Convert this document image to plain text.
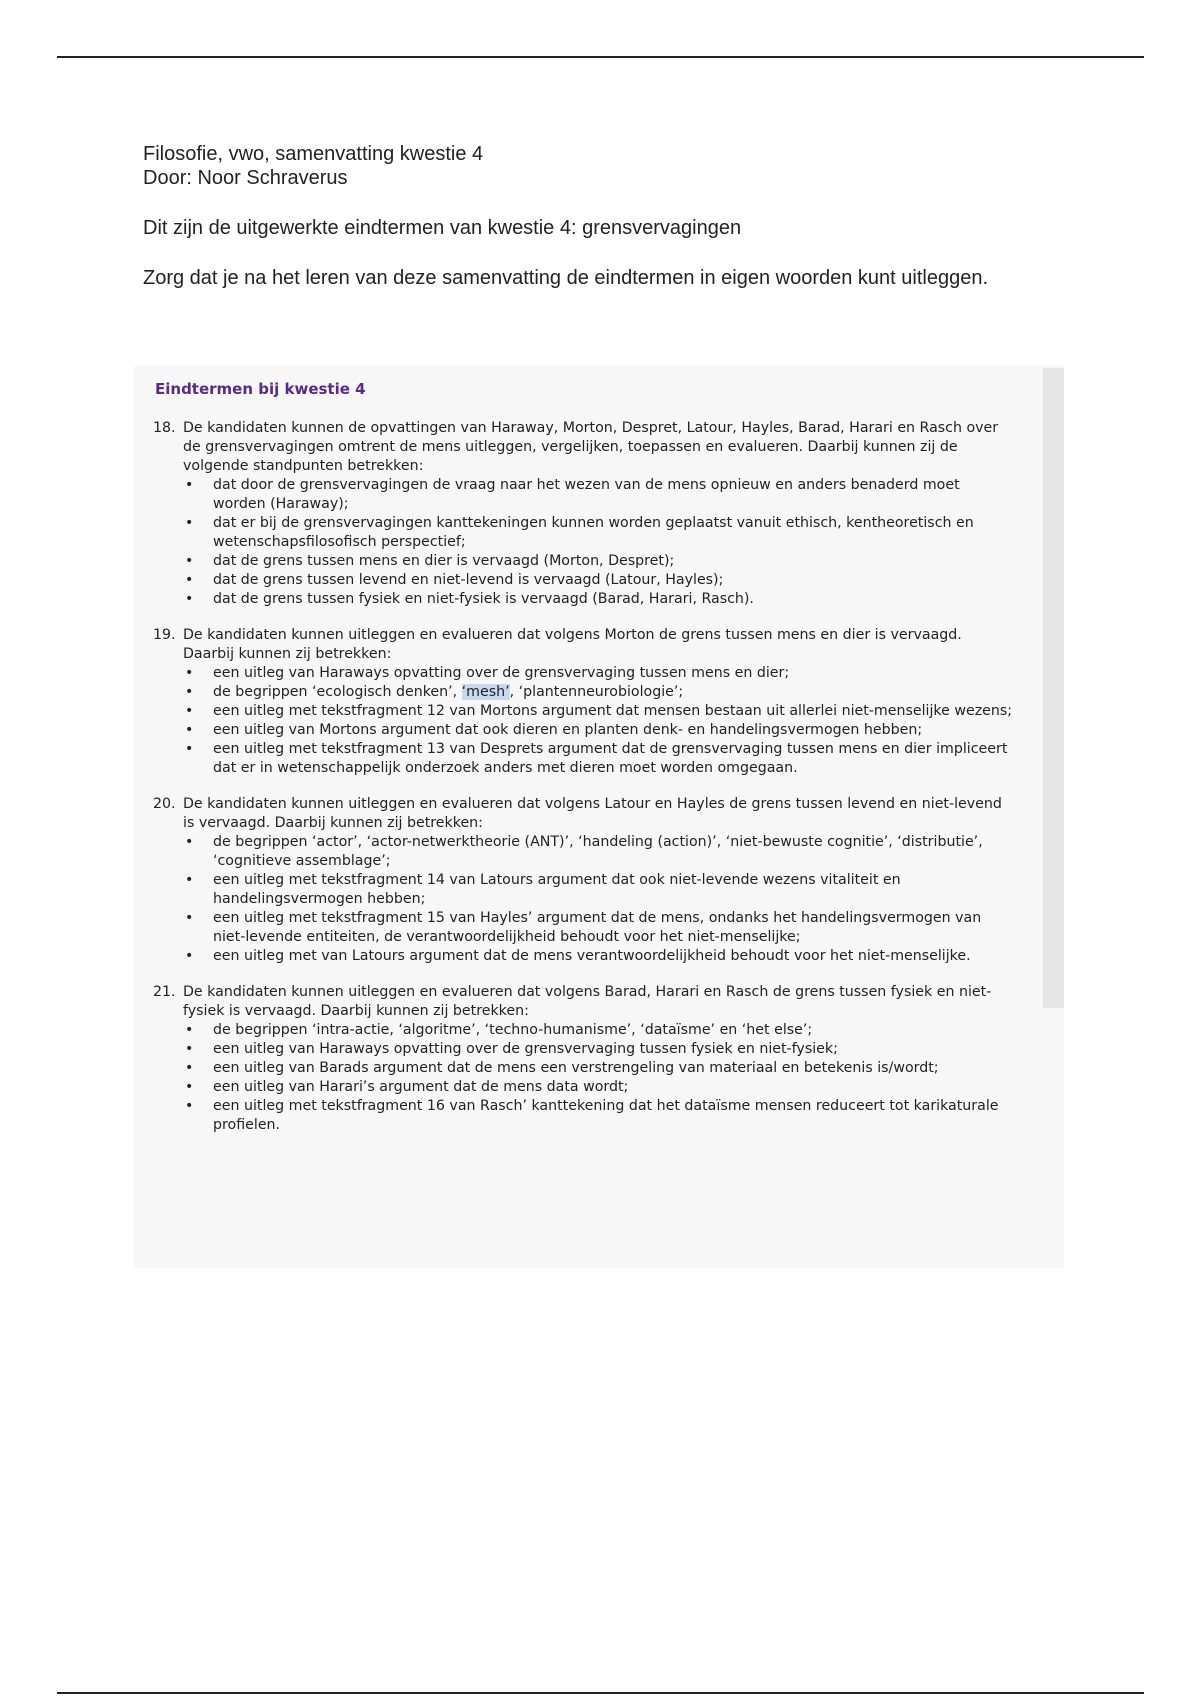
Filosofie, vwo, samenvatting kwestie 4

Door: Noor Schraverus

Dit zijn de uitgewerkte eindtermen van kwestie 4: grensvervagingen

Zorg dat je na het leren van deze samenvatting de eindtermen in eigen woorden kunt uitleggen.

Eindtermen bij kwestie 4
18. De kandidaten kunnen de opvattingen van Haraway, Morton, Despret, Latour, Hayles, Barad, Harari en Rasch over de grensvervagingen omtrent de mens uitleggen, vergelijken, toepassen en evalueren. Daarbij kunnen zij de volgende standpunten betrekken:
• dat door de grensvervagingen de vraag naar het wezen van de mens opnieuw en anders benaderd moet worden (Haraway);
• dat er bij de grensvervagingen kanttekeningen kunnen worden geplaatst vanuit ethisch, kentheoretisch en wetenschapsfilosofisch perspectief;
• dat de grens tussen mens en dier is vervaagd (Morton, Despret);
• dat de grens tussen levend en niet-levend is vervaagd (Latour, Hayles);
• dat de grens tussen fysiek en niet-fysiek is vervaagd (Barad, Harari, Rasch).
19. De kandidaten kunnen uitleggen en evalueren dat volgens Morton de grens tussen mens en dier is vervaagd. Daarbij kunnen zij betrekken:
• een uitleg van Haraways opvatting over de grensvervaging tussen mens en dier;
• de begrippen ‘ecologisch denken’, ‘mesh’, ‘plantenneurobiologie’;
• een uitleg met tekstfragment 12 van Mortons argument dat mensen bestaan uit allerlei niet-menselijke wezens;
• een uitleg van Mortons argument dat ook dieren en planten denk- en handelingsvermogen hebben;
• een uitleg met tekstfragment 13 van Desprets argument dat de grensvervaging tussen mens en dier impliceert dat er in wetenschappelijk onderzoek anders met dieren moet worden omgegaan.
20. De kandidaten kunnen uitleggen en evalueren dat volgens Latour en Hayles de grens tussen levend en niet-levend is vervaagd. Daarbij kunnen zij betrekken:
• de begrippen ‘actor’, ‘actor-netwerktheorie (ANT)’, ‘handeling (action)’, ‘niet-bewuste cognitie’, ‘distributie’, ‘cognitieve assemblage’;
• een uitleg met tekstfragment 14 van Latours argument dat ook niet-levende wezens vitaliteit en handelingsvermogen hebben;
• een uitleg met tekstfragment 15 van Hayles’ argument dat de mens, ondanks het handelingsvermogen van niet-levende entiteiten, de verantwoordelijkheid behoudt voor het niet-menselijke;
• een uitleg met van Latours argument dat de mens verantwoordelijkheid behoudt voor het niet-menselijke.
21. De kandidaten kunnen uitleggen en evalueren dat volgens Barad, Harari en Rasch de grens tussen fysiek en niet-fysiek is vervaagd. Daarbij kunnen zij betrekken:
• de begrippen ‘intra-actie, ‘algoritme’, ‘techno-humanisme’, ‘dataïsme’ en ‘het else’;
• een uitleg van Haraways opvatting over de grensvervaging tussen fysiek en niet-fysiek;
• een uitleg van Barads argument dat de mens een verstrengeling van materiaal en betekenis is/wordt;
• een uitleg van Harari’s argument dat de mens data wordt;
• een uitleg met tekstfragment 16 van Rasch’ kanttekening dat het dataïsme mensen reduceert tot karikaturale profielen.
